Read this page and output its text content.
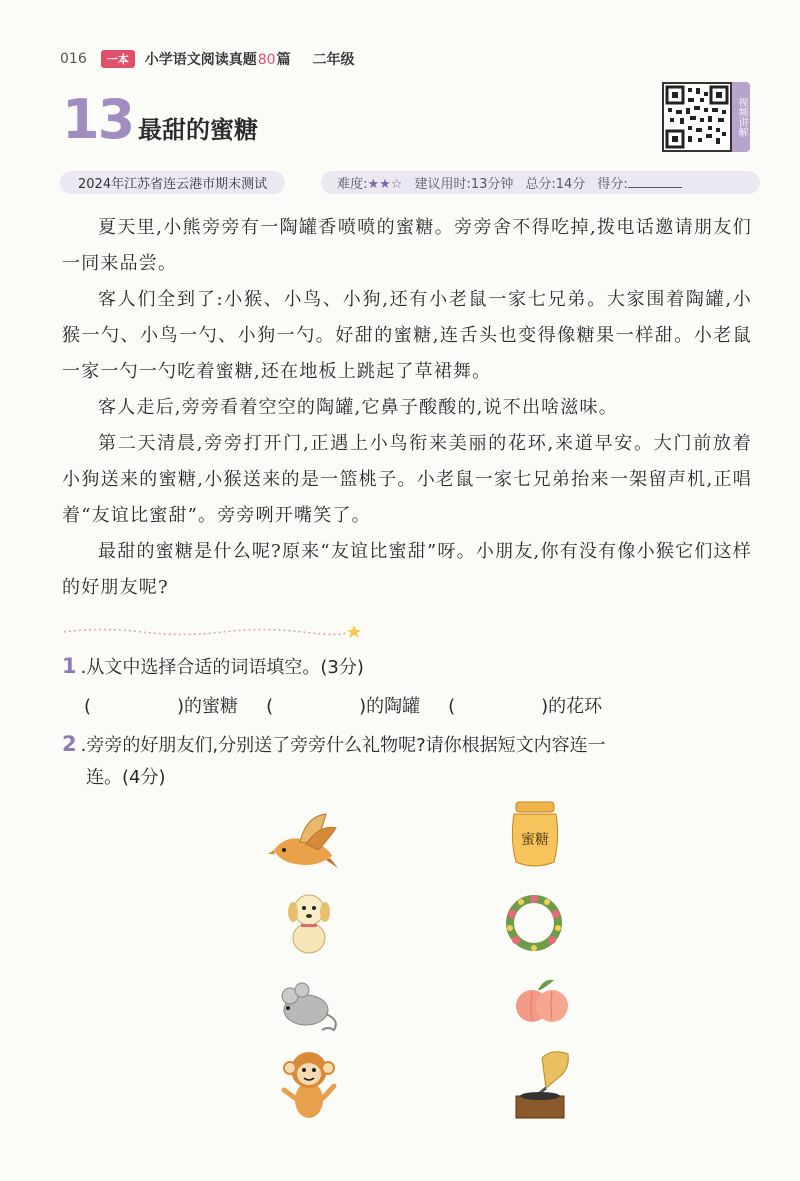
016	一本	小学语文阅读真题80篇 二年级
13 最甜的蜜糖	视频讲解
2024年江苏省连云港市期末测试	难度:★★☆ 建议用时:13分钟 总分:14分 得分:

夏天里,小熊旁旁有一陶罐香喷喷的蜜糖。旁旁舍不得吃掉,拨电话邀请朋友们一同来品尝。

客人们全到了:小猴、小鸟、小狗,还有小老鼠一家七兄弟。大家围着陶罐,小猴一勺、小鸟一勺、小狗一勺。好甜的蜜糖,连舌头也变得像糖果一样甜。小老鼠一家一勺一勺吃着蜜糖,还在地板上跳起了草裙舞。

客人走后,旁旁看着空空的陶罐,它鼻子酸酸的,说不出啥滋味。

第二天清晨,旁旁打开门,正遇上小鸟衔来美丽的花环,来道早安。大门前放着小狗送来的蜜糖,小猴送来的是一篮桃子。小老鼠一家七兄弟抬来一架留声机,正唱着“友谊比蜜甜”。旁旁咧开嘴笑了。

最甜的蜜糖是什么呢?原来“友谊比蜜甜”呀。小朋友,你有没有像小猴它们这样的好朋友呢?

1 .从文中选择合适的词语填空。(3分)
(	)的蜜糖 (	)的陶罐 (	)的花环
2 .旁旁的好朋友们,分别送了旁旁什么礼物呢?请你根据短文内容连一
连。(4分)
蜜糖
